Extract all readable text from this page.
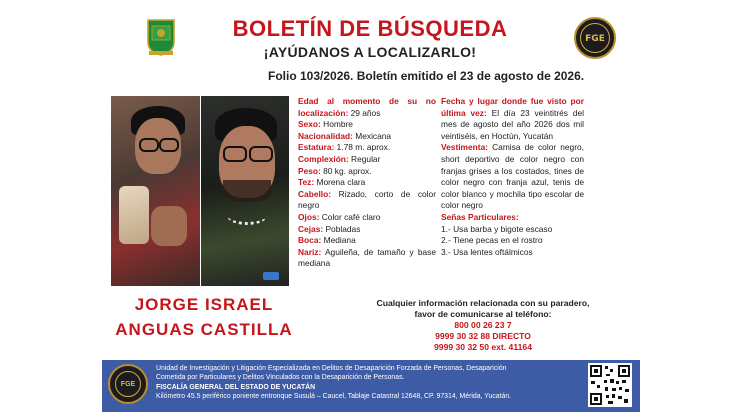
BOLETÍN DE BÚSQUEDA
¡AYÚDANOS A LOCALIZARLO!
FGE
Folio 103/2026. Boletín emitido el 23 de agosto de 2026.
JORGE ISRAEL
ANGUAS CASTILLA
Edad al momento de su no localización: 29 años
Sexo: Hombre
Nacionalidad: Mexicana
Estatura: 1.78 m. aprox.
Complexión: Regular
Peso: 80 kg. aprox.
Tez: Morena clara
Cabello: Rizado, corto de color negro
Ojos: Color café claro
Cejas: Pobladas
Boca: Mediana
Nariz: Aguileña, de tamaño y base mediana
Fecha y lugar donde fue visto por última vez: El día 23 veintitrés del mes de agosto del año 2026 dos mil veintiséis, en Hoctún, Yucatán
Vestimenta: Camisa de color negro, short deportivo de color negro con franjas grises a los costados, tines de color negro con franja azul, tenis de color blanco y mochila tipo escolar de color negro
Señas Particulares:
1.- Usa barba y bigote escaso
2.- Tiene pecas en el rostro
3.- Usa lentes oftálmicos
Cualquier información relacionada con su paradero,
favor de comunicarse al teléfono:
800 00 26 23 7
9999 30 32 88 DIRECTO
9999 30 32 50 ext. 41164
FGE
Unidad de Investigación y Litigación Especializada en Delitos de Desaparición Forzada de Personas, Desaparición
Cometida por Particulares y Delitos Vinculados con la Desaparición de Personas.
FISCALÍA GENERAL DEL ESTADO DE YUCATÁN
Kilómetro 45.5 periférico poniente entronque Susulá – Caucel, Tablaje Catastral 12648, CP. 97314, Mérida, Yucatán.
